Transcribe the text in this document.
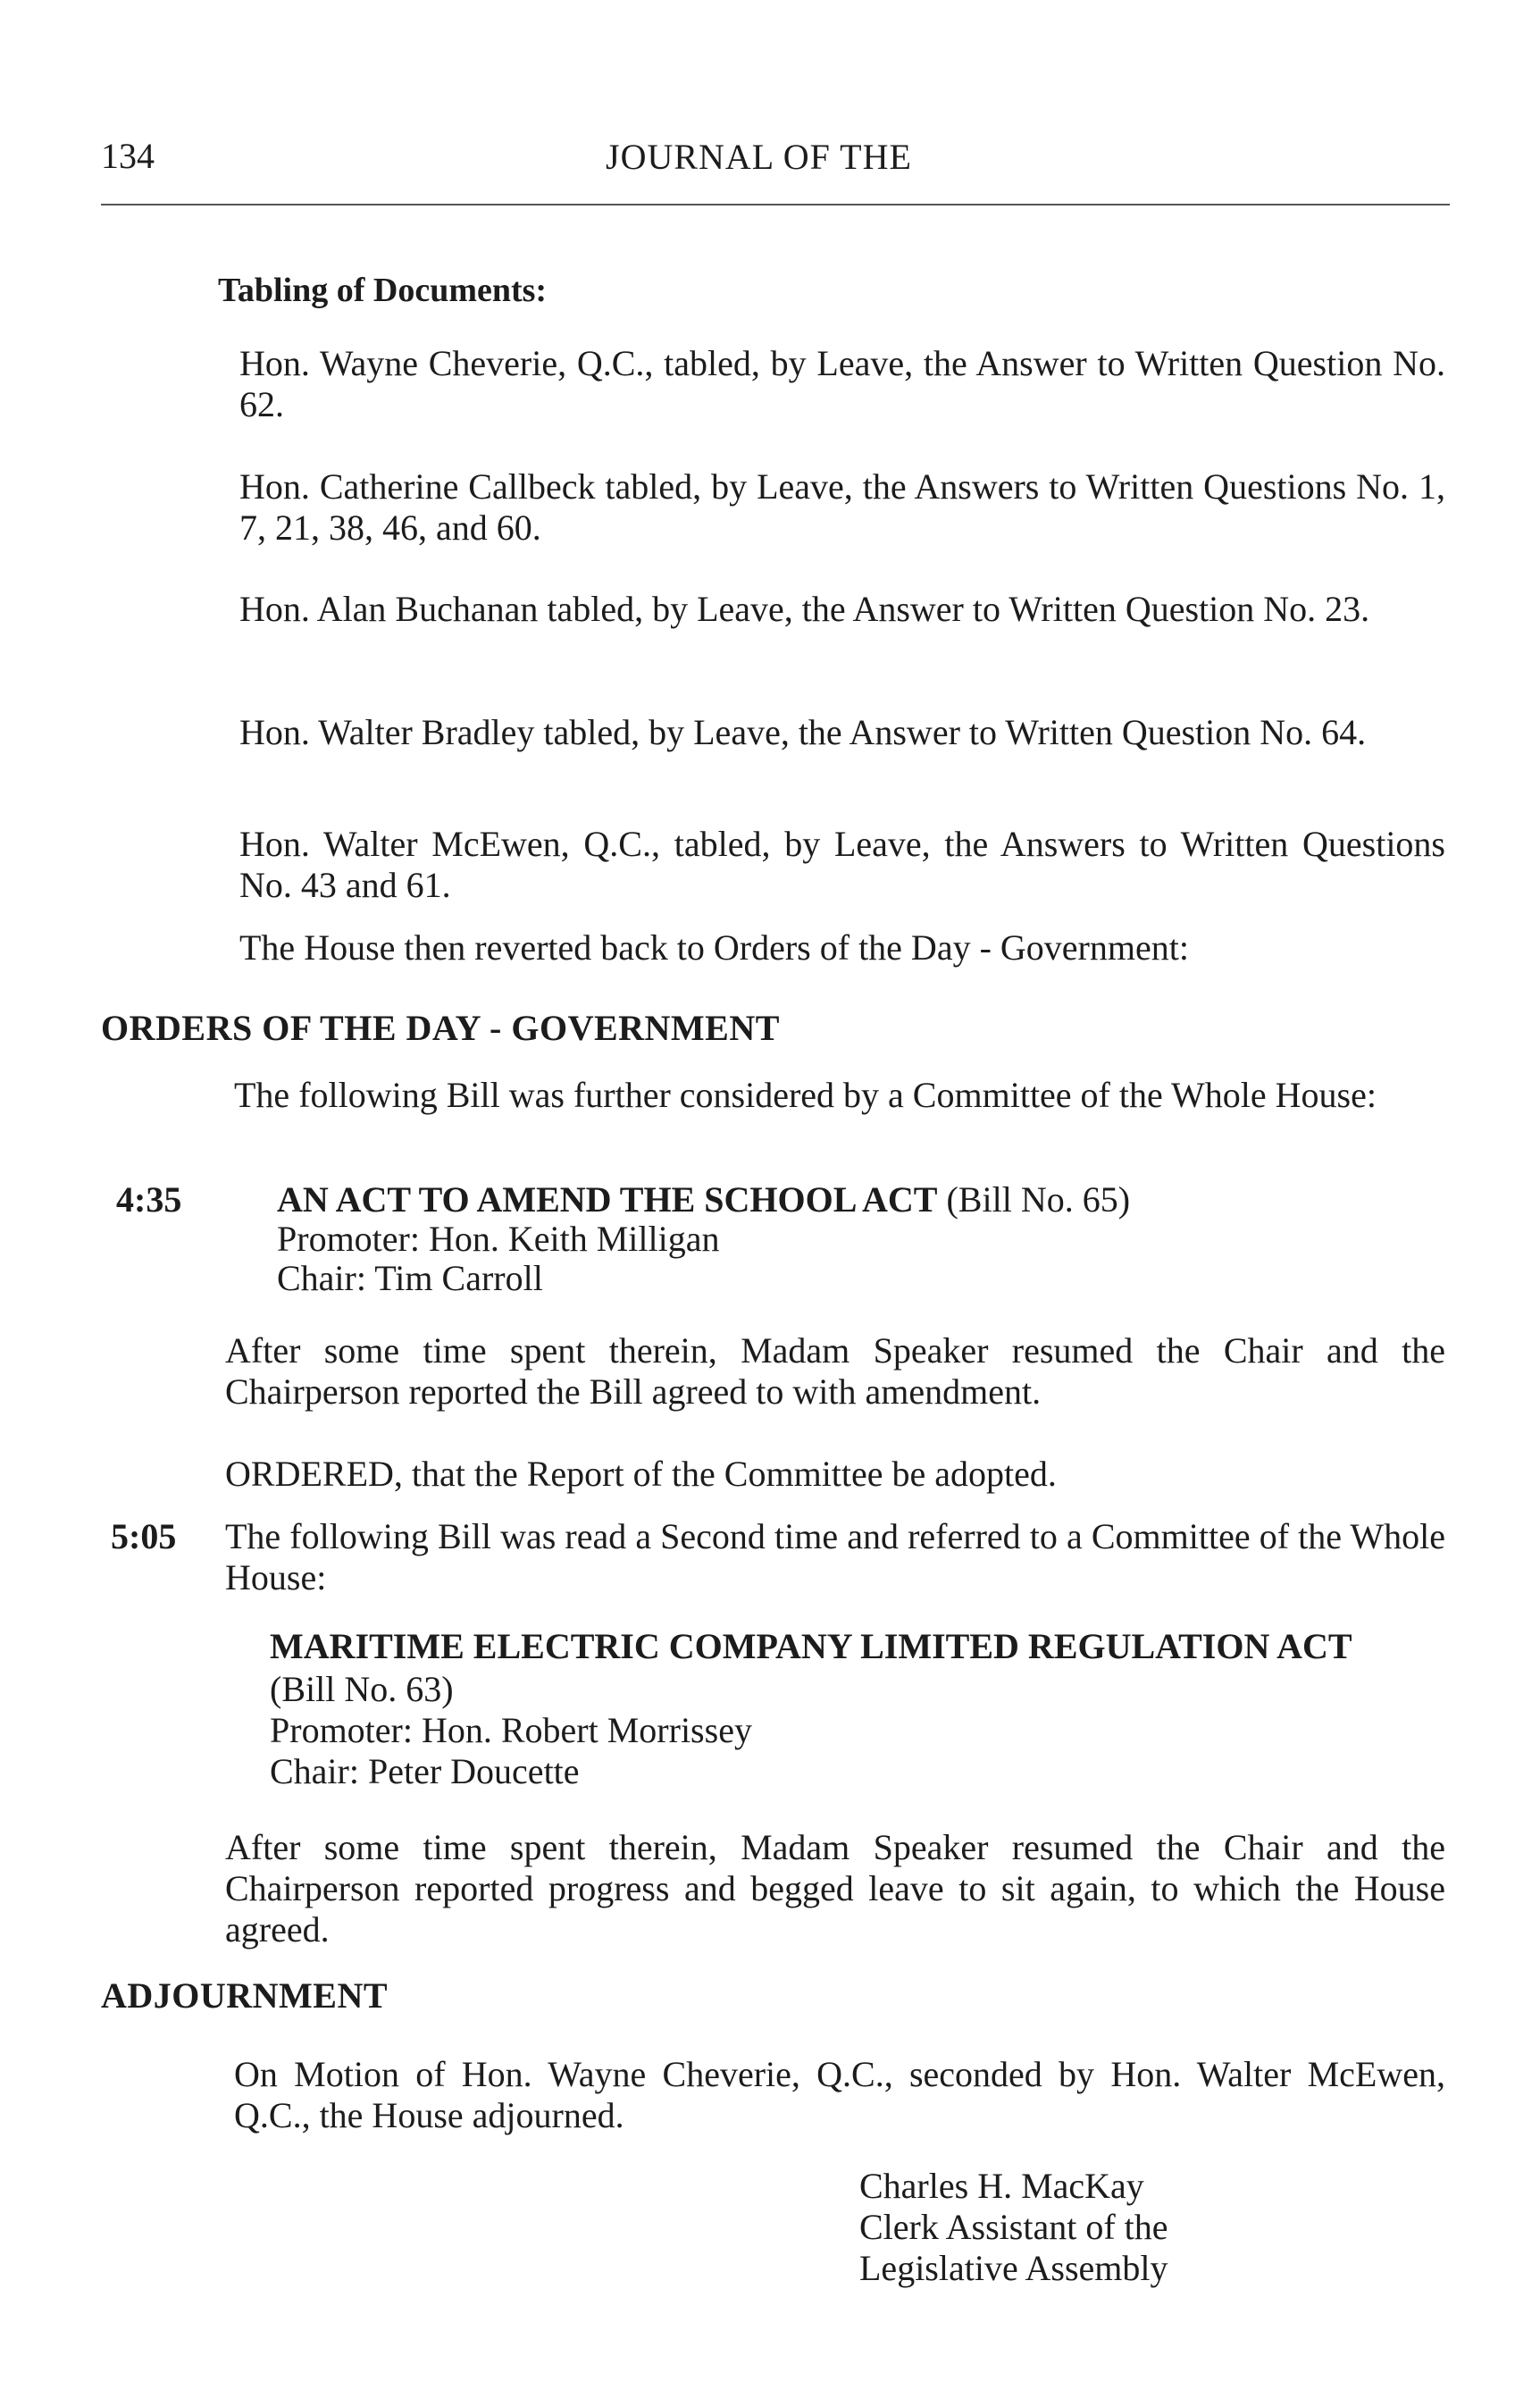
134	JOURNAL OF THE
Tabling of Documents:
Hon. Wayne Cheverie, Q.C., tabled, by Leave, the Answer to Written Question No. 62.
Hon. Catherine Callbeck tabled, by Leave, the Answers to Written Questions No. 1, 7, 21, 38, 46, and 60.
Hon. Alan Buchanan tabled, by Leave, the Answer to Written Question No. 23.
Hon. Walter Bradley tabled, by Leave, the Answer to Written Question No. 64.
Hon. Walter McEwen, Q.C., tabled, by Leave, the Answers to Written Questions No. 43 and 61.
The House then reverted back to Orders of the Day - Government:
ORDERS OF THE DAY - GOVERNMENT
The following Bill was further considered by a Committee of the Whole House:
4:35	AN ACT TO AMEND THE SCHOOL ACT (Bill No. 65)
Promoter: Hon. Keith Milligan
Chair: Tim Carroll
After some time spent therein, Madam Speaker resumed the Chair and the Chairperson reported the Bill agreed to with amendment.
ORDERED, that the Report of the Committee be adopted.
5:05 The following Bill was read a Second time and referred to a Committee of the Whole House:
MARITIME ELECTRIC COMPANY LIMITED REGULATION ACT
(Bill No. 63)
Promoter: Hon. Robert Morrissey
Chair: Peter Doucette
After some time spent therein, Madam Speaker resumed the Chair and the Chairperson reported progress and begged leave to sit again, to which the House agreed.
ADJOURNMENT
On Motion of Hon. Wayne Cheverie, Q.C., seconded by Hon. Walter McEwen, Q.C., the House adjourned.
Charles H. MacKay
Clerk Assistant of the
Legislative Assembly
